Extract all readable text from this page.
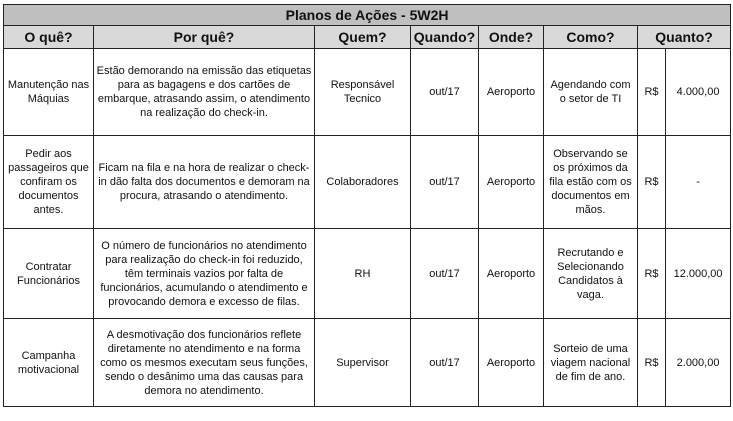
Planos de Ações - 5W2H							
O quê?	Por quê?	Quem?	Quando?	Onde?	Como?	Quanto?	
Manutenção nas Máquias	Estão demorando na emissão das etiquetas para as bagagens e dos cartões de embarque, atrasando assim, o atendimento na realização do check-in.	Responsável Tecnico	out/17	Aeroporto	Agendando com o setor de TI	R$	4.000,00
Pedir aos passageiros que confiram os documentos antes.	Ficam na fila e na hora de realizar o check-in dão falta dos documentos e demoram na procura, atrasando o atendimento.	Colaboradores	out/17	Aeroporto	Observando se os próximos da fila estão com os documentos em mãos.	R$	-
Contratar Funcionários	O número de funcionários no atendimento para realização do check-in foi reduzido, têm terminais vazios por falta de funcionários, acumulando o atendimento e provocando demora e excesso de filas.	RH	out/17	Aeroporto	Recrutando e Selecionando Candidatos à vaga.	R$	12.000,00
Campanha motivacional	A desmotivação dos funcionários reflete diretamente no atendimento e na forma como os mesmos executam seus funções, sendo o desânimo uma das causas para demora no atendimento.	Supervisor	out/17	Aeroporto	Sorteio de uma viagem nacional de fim de ano.	R$	2.000,00
